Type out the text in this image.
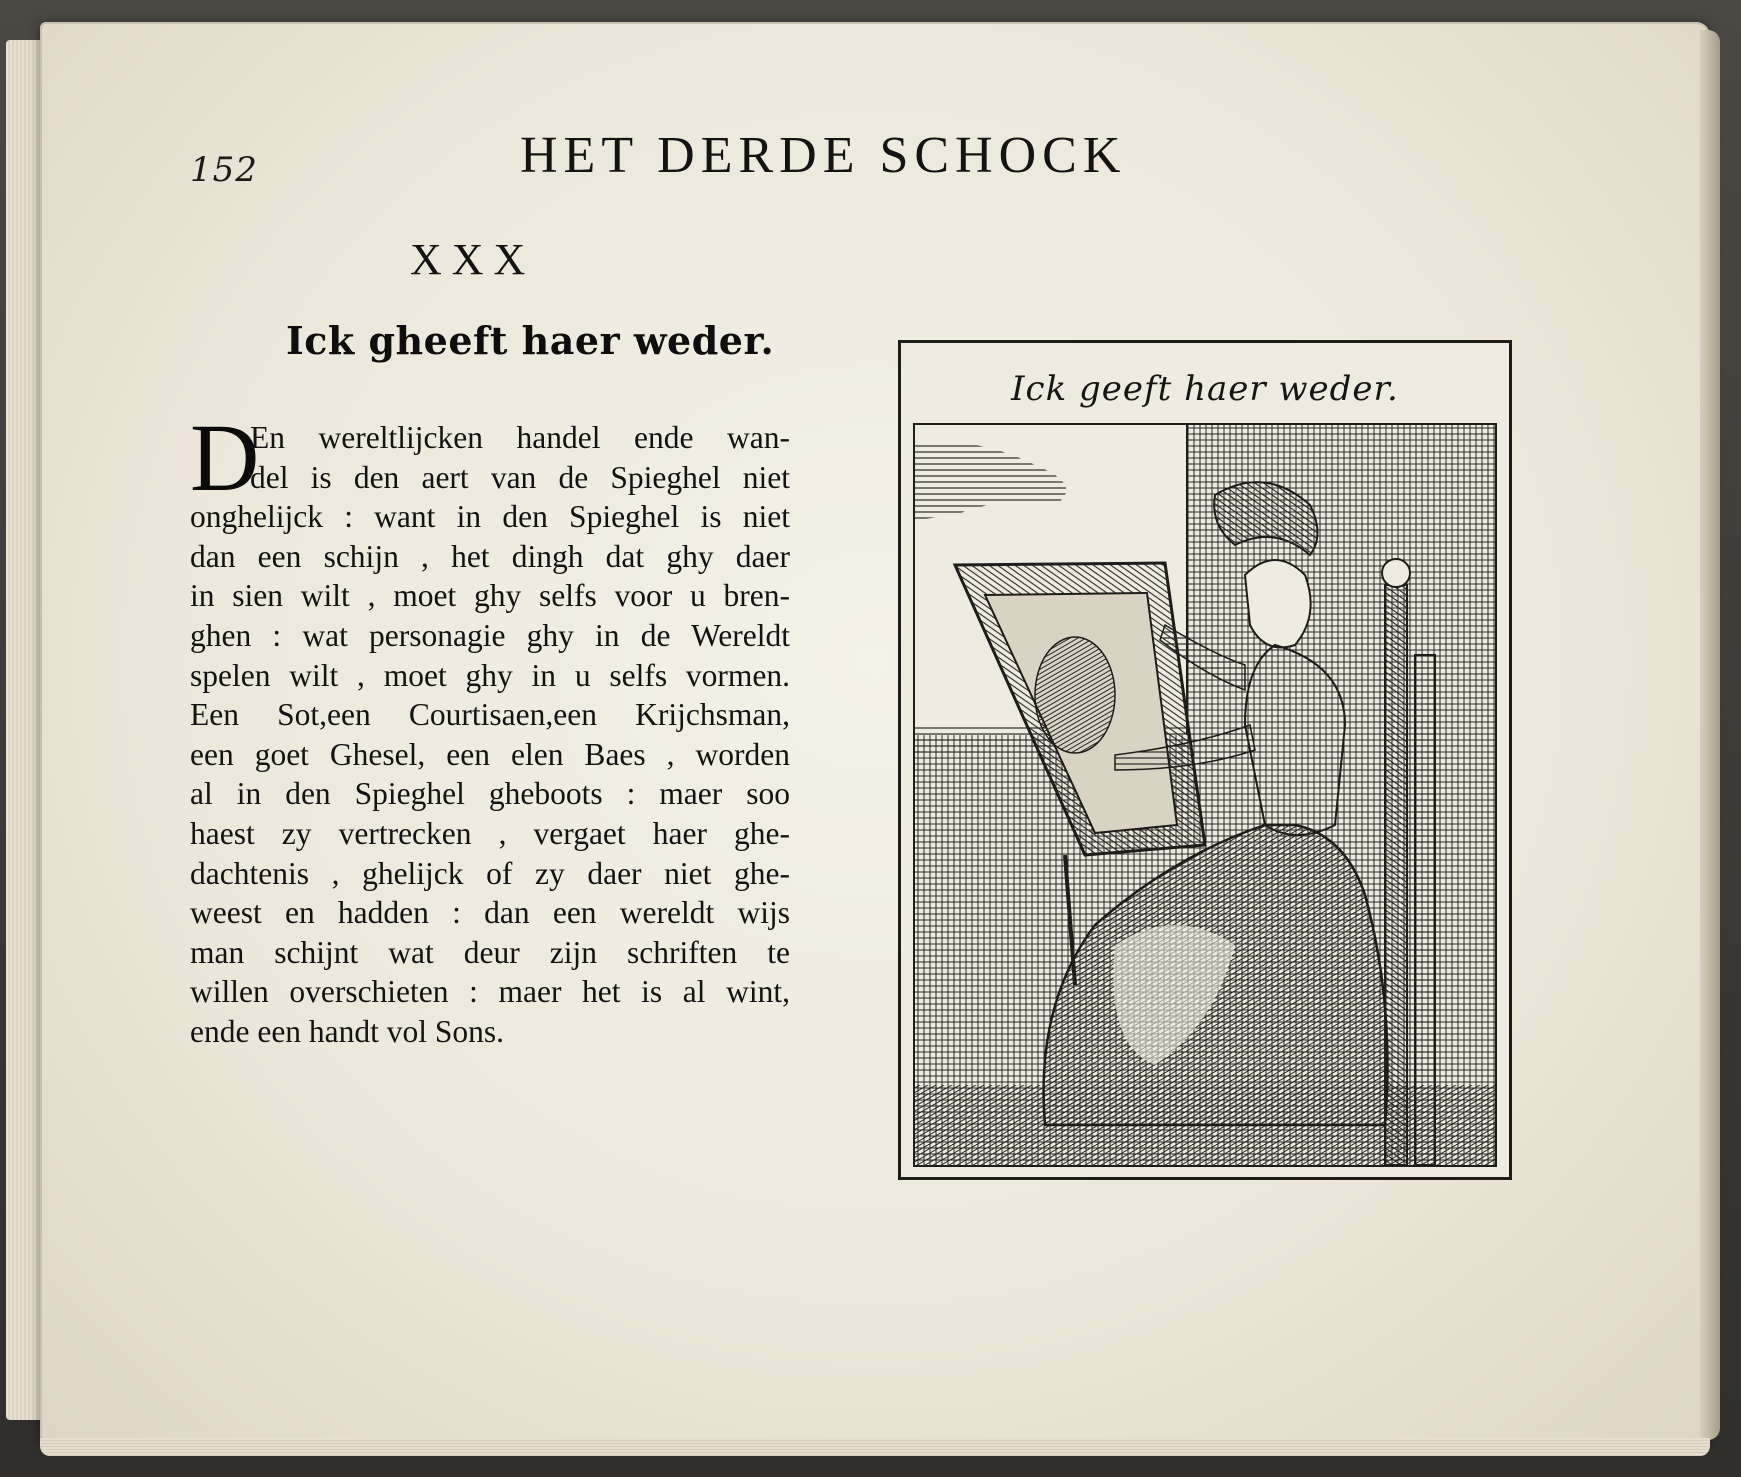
152	HET DERDE SCHOCK
XXX
Ick gheeft haer weder.
D
En wereltlijcken handel ende wan-
del is den aert van de Spieghel niet
onghelijck : want in den Spieghel is niet
dan een schijn , het dingh dat ghy daer
in sien wilt , moet ghy selfs voor u bren-
ghen : wat personagie ghy in de Wereldt
spelen wilt , moet ghy in u selfs vormen.
Een Sot,een Courtisaen,een Krijchsman,
een goet Ghesel, een elen Baes , worden
al in den Spieghel gheboots : maer soo
haest zy vertrecken , vergaet haer ghe-
dachtenis , ghelijck of zy daer niet ghe-
weest en hadden : dan een wereldt wijs
man schijnt wat deur zijn schriften te
willen overschieten : maer het is al wint,
ende een handt vol Sons.
Ick geeft haer weder.
